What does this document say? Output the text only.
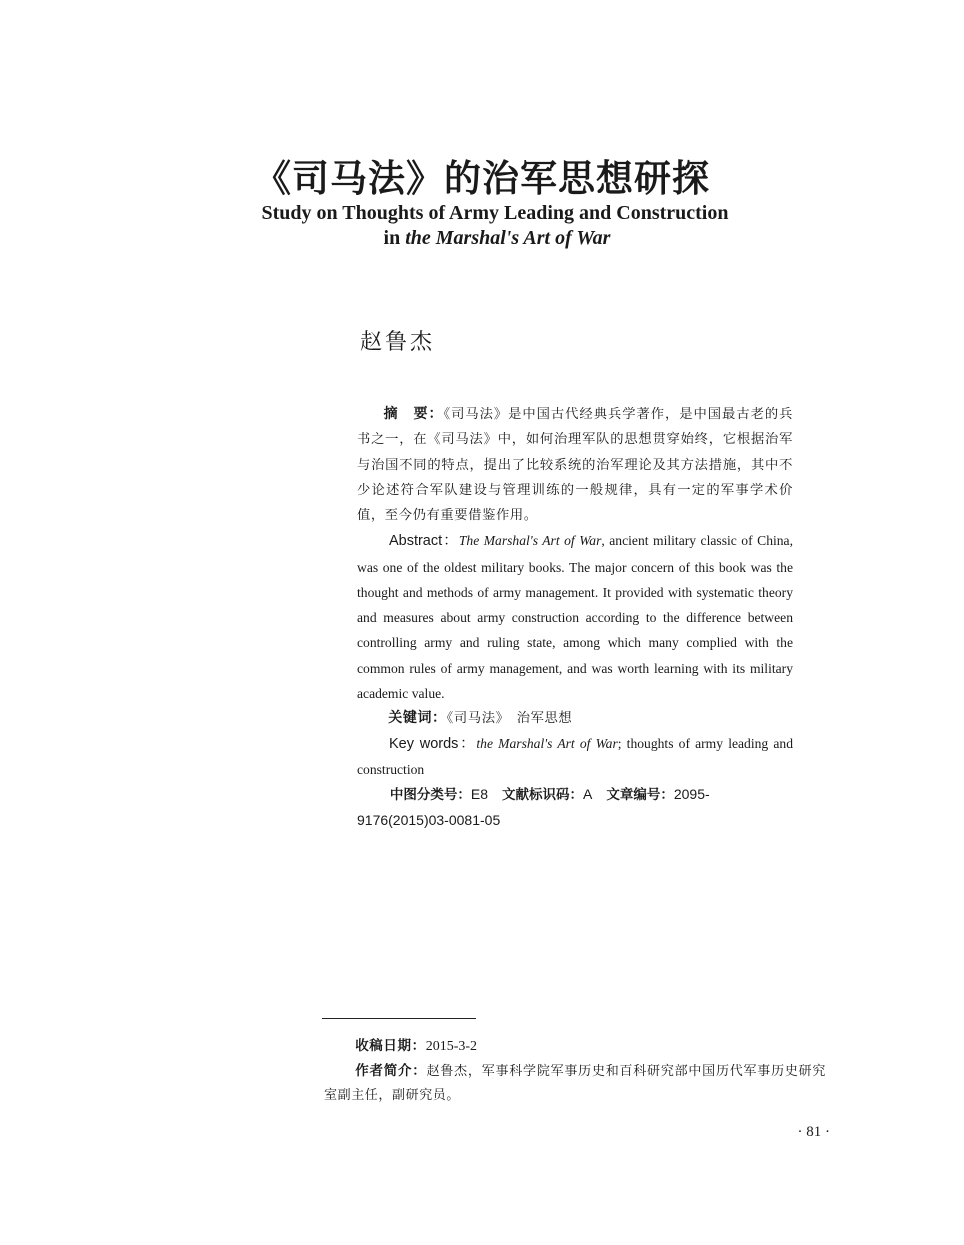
《司马法》的治军思想研探
Study on Thoughts of Army Leading and Construction
in the Marshal's Art of War
赵鲁杰

摘　要：《司马法》是中国古代经典兵学著作，是中国最古老的兵书之一，在《司马法》中，如何治理军队的思想贯穿始终，它根据治军与治国不同的特点，提出了比较系统的治军理论及其方法措施，其中不少论述符合军队建设与管理训练的一般规律，具有一定的军事学术价值，至今仍有重要借鉴作用。

Abstract：The Marshal's Art of War, ancient military classic of China, was one of the oldest military books. The major concern of this book was the thought and methods of army management. It provided with systematic theory and measures about army construction according to the difference between controlling army and ruling state, among which many complied with the common rules of army management, and was worth learning with its military academic value.

关键词：《司马法》　治军思想

Key words：the Marshal's Art of War; thoughts of army leading and construction

中图分类号：E8 文献标识码：A 文章编号：2095-9176(2015)03-0081-05

收稿日期：2015-3-2

作者简介：赵鲁杰，军事科学院军事历史和百科研究部中国历代军事历史研究室副主任，副研究员。

· 81 ·
